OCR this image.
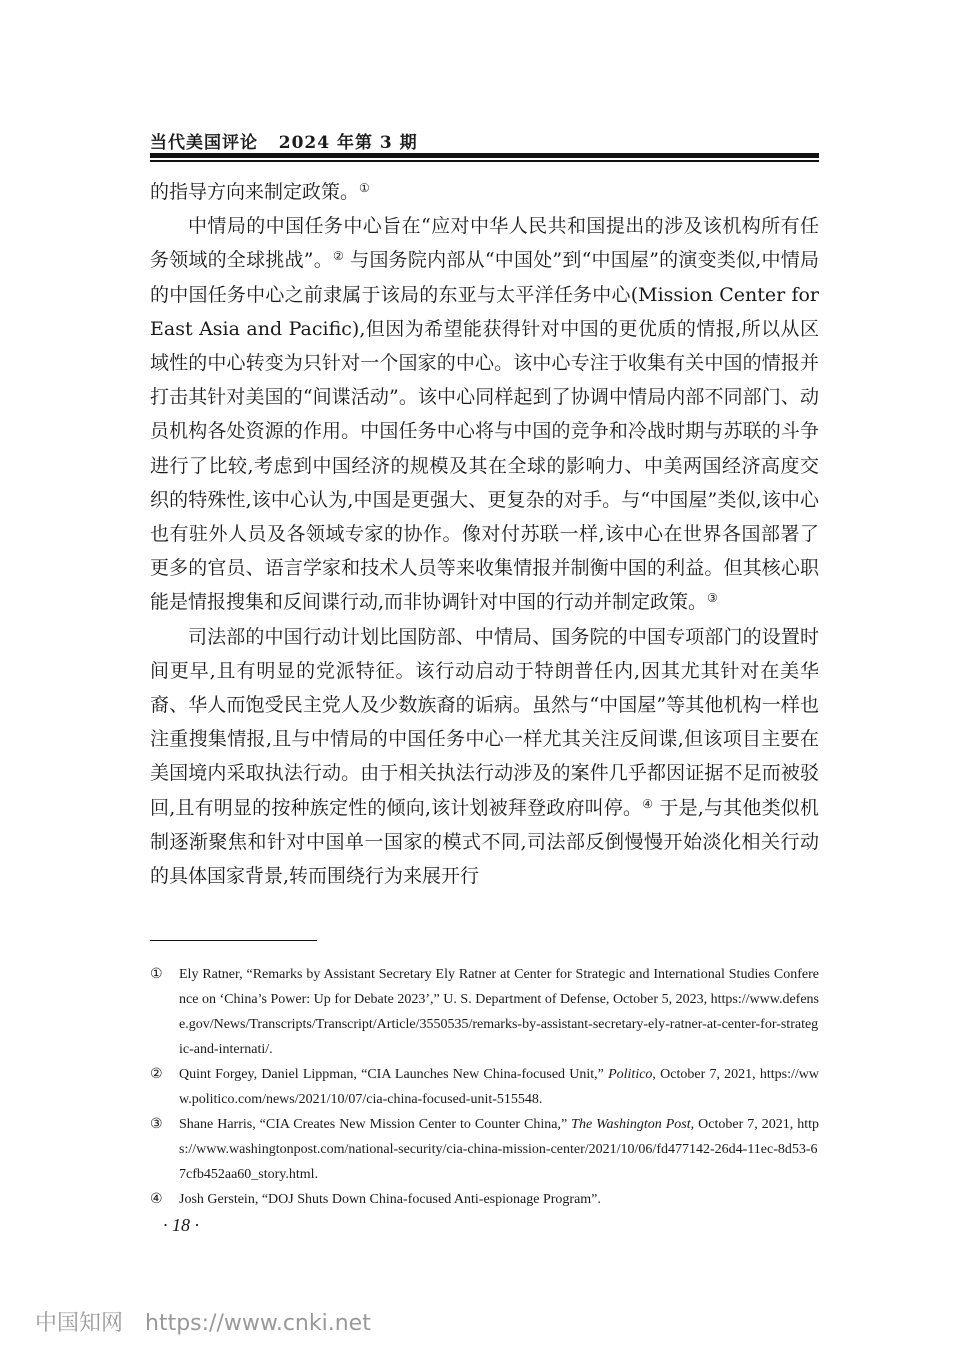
当代美国评论 2024 年第 3 期

的指导方向来制定政策。①

中情局的中国任务中心旨在“应对中华人民共和国提出的涉及该机构所有任务领域的全球挑战”。② 与国务院内部从“中国处”到“中国屋”的演变类似,中情局的中国任务中心之前隶属于该局的东亚与太平洋任务中心(Mission Center for East Asia and Pacific),但因为希望能获得针对中国的更优质的情报,所以从区域性的中心转变为只针对一个国家的中心。该中心专注于收集有关中国的情报并打击其针对美国的“间谍活动”。该中心同样起到了协调中情局内部不同部门、动员机构各处资源的作用。中国任务中心将与中国的竞争和冷战时期与苏联的斗争进行了比较,考虑到中国经济的规模及其在全球的影响力、中美两国经济高度交织的特殊性,该中心认为,中国是更强大、更复杂的对手。与“中国屋”类似,该中心也有驻外人员及各领域专家的协作。像对付苏联一样,该中心在世界各国部署了更多的官员、语言学家和技术人员等来收集情报并制衡中国的利益。但其核心职能是情报搜集和反间谍行动,而非协调针对中国的行动并制定政策。③

司法部的中国行动计划比国防部、中情局、国务院的中国专项部门的设置时间更早,且有明显的党派特征。该行动启动于特朗普任内,因其尤其针对在美华裔、华人而饱受民主党人及少数族裔的诟病。虽然与“中国屋”等其他机构一样也注重搜集情报,且与中情局的中国任务中心一样尤其关注反间谍,但该项目主要在美国境内采取执法行动。由于相关执法行动涉及的案件几乎都因证据不足而被驳回,且有明显的按种族定性的倾向,该计划被拜登政府叫停。④ 于是,与其他类似机制逐渐聚焦和针对中国单一国家的模式不同,司法部反倒慢慢开始淡化相关行动的具体国家背景,转而围绕行为来展开行

①	Ely Ratner, “Remarks by Assistant Secretary Ely Ratner at Center for Strategic and International Studies Conference on ‘China’s Power: Up for Debate 2023’,” U. S. Department of Defense, October 5, 2023, https://www.defense.gov/News/Transcripts/Transcript/Article/3550535/remarks-by-assistant-secretary-ely-ratner-at-center-for-strategic-and-internati/.
②	Quint Forgey, Daniel Lippman, “CIA Launches New China-focused Unit,” Politico, October 7, 2021, https://www.politico.com/news/2021/10/07/cia-china-focused-unit-515548.
③	Shane Harris, “CIA Creates New Mission Center to Counter China,” The Washington Post, October 7, 2021, https://www.washingtonpost.com/national-security/cia-china-mission-center/2021/10/06/fd477142-26d4-11ec-8d53-67cfb452aa60_story.html.
④	Josh Gerstein, “DOJ Shuts Down China-focused Anti-espionage Program”.
· 18 ·
中国知网 https://www.cnki.net
